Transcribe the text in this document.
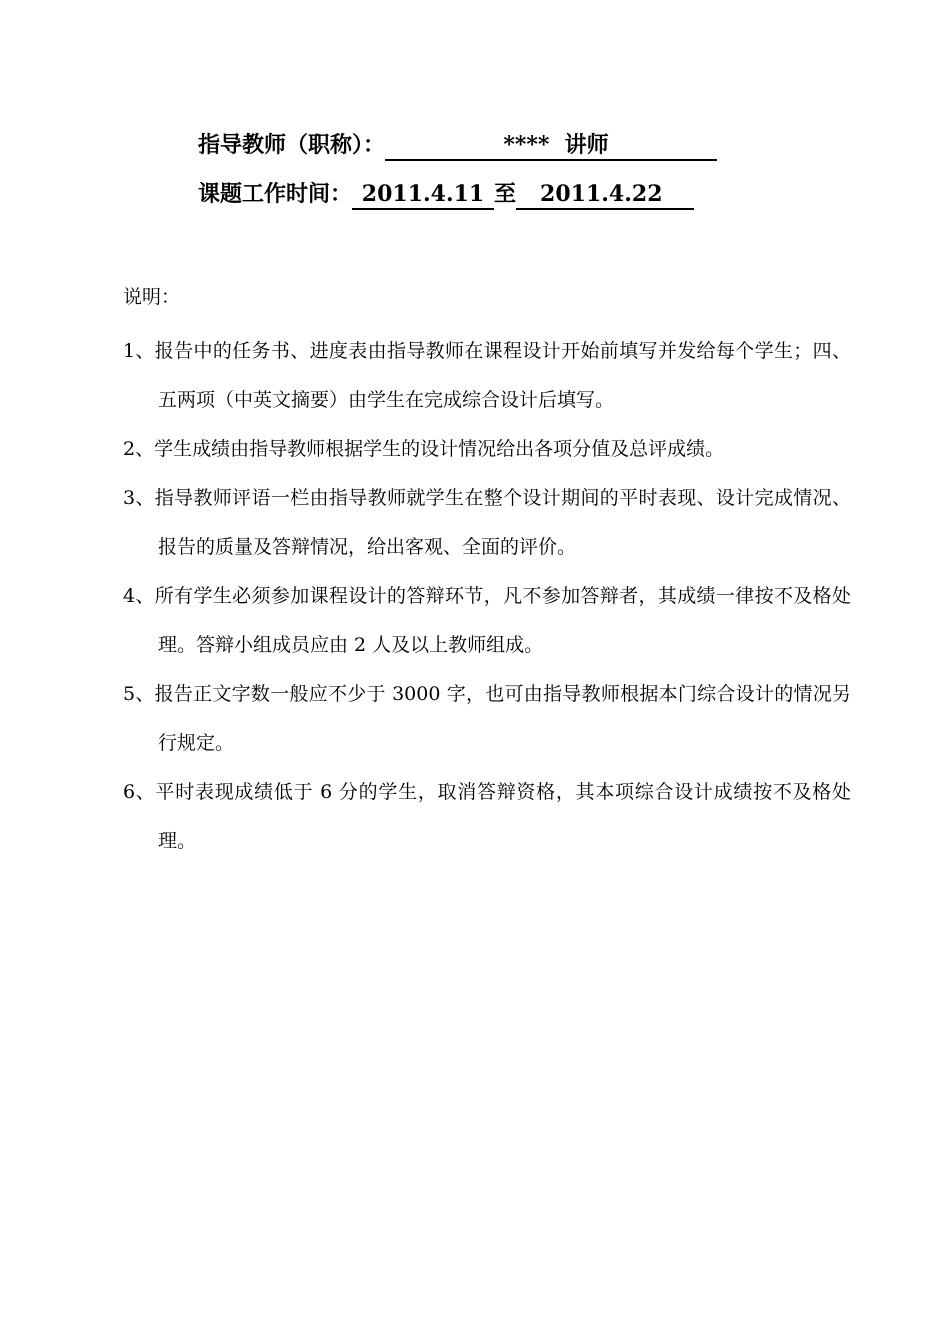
指导教师（职称）：	****  讲师
课题工作时间： 2011.4.11 至 2011.4.22
说明：
1、报告中的任务书、进度表由指导教师在课程设计开始前填写并发给每个学生；四、五两项（中英文摘要）由学生在完成综合设计后填写。
2、学生成绩由指导教师根据学生的设计情况给出各项分值及总评成绩。
3、指导教师评语一栏由指导教师就学生在整个设计期间的平时表现、设计完成情况、报告的质量及答辩情况，给出客观、全面的评价。
4、所有学生必须参加课程设计的答辩环节，凡不参加答辩者，其成绩一律按不及格处理。答辩小组成员应由 2 人及以上教师组成。
5、报告正文字数一般应不少于 3000 字，也可由指导教师根据本门综合设计的情况另行规定。
6、平时表现成绩低于 6 分的学生，取消答辩资格，其本项综合设计成绩按不及格处理。
